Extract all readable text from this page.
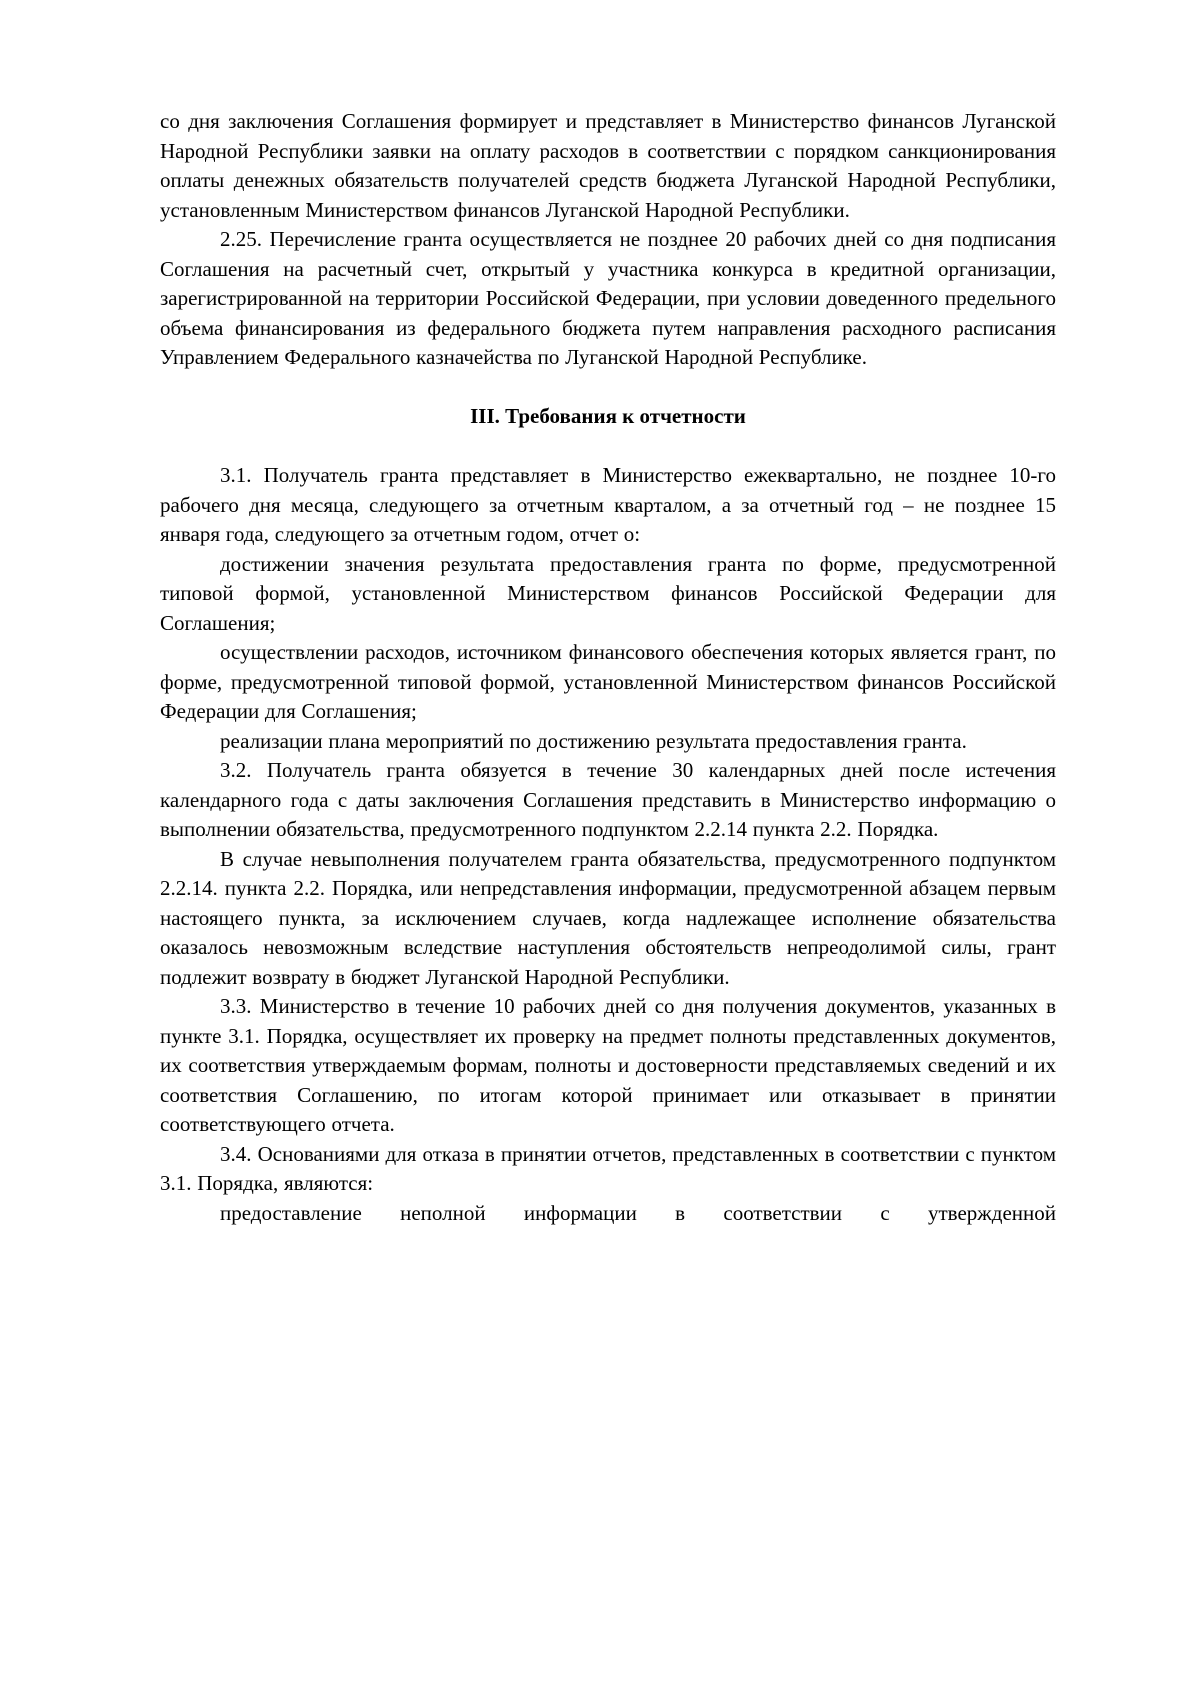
со дня заключения Соглашения формирует и представляет в Министерство финансов Луганской Народной Республики заявки на оплату расходов в соответствии с порядком санкционирования оплаты денежных обязательств получателей средств бюджета Луганской Народной Республики, установленным Министерством финансов Луганской Народной Республики.

2.25. Перечисление гранта осуществляется не позднее 20 рабочих дней со дня подписания Соглашения на расчетный счет, открытый у участника конкурса в кредитной организации, зарегистрированной на территории Российской Федерации, при условии доведенного предельного объема финансирования из федерального бюджета путем направления расходного расписания Управлением Федерального казначейства по Луганской Народной Республике.

III. Требования к отчетности

3.1. Получатель гранта представляет в Министерство ежеквартально, не позднее 10-го рабочего дня месяца, следующего за отчетным кварталом, а за отчетный год – не позднее 15 января года, следующего за отчетным годом, отчет о:

достижении значения результата предоставления гранта по форме, предусмотренной типовой формой, установленной Министерством финансов Российской Федерации для Соглашения;

осуществлении расходов, источником финансового обеспечения которых является грант, по форме, предусмотренной типовой формой, установленной Министерством финансов Российской Федерации для Соглашения;

реализации плана мероприятий по достижению результата предоставления гранта.

3.2. Получатель гранта обязуется в течение 30 календарных дней после истечения календарного года с даты заключения Соглашения представить в Министерство информацию о выполнении обязательства, предусмотренного подпунктом 2.2.14 пункта 2.2. Порядка.

В случае невыполнения получателем гранта обязательства, предусмотренного подпунктом 2.2.14. пункта 2.2. Порядка, или непредставления информации, предусмотренной абзацем первым настоящего пункта, за исключением случаев, когда надлежащее исполнение обязательства оказалось невозможным вследствие наступления обстоятельств непреодолимой силы, грант подлежит возврату в бюджет Луганской Народной Республики.

3.3. Министерство в течение 10 рабочих дней со дня получения документов, указанных в пункте 3.1. Порядка, осуществляет их проверку на предмет полноты представленных документов, их соответствия утверждаемым формам, полноты и достоверности представляемых сведений и их соответствия Соглашению, по итогам которой принимает или отказывает в принятии соответствующего отчета.

3.4. Основаниями для отказа в принятии отчетов, представленных в соответствии с пунктом 3.1. Порядка, являются:

предоставление неполной информации в соответствии с утвержденной
